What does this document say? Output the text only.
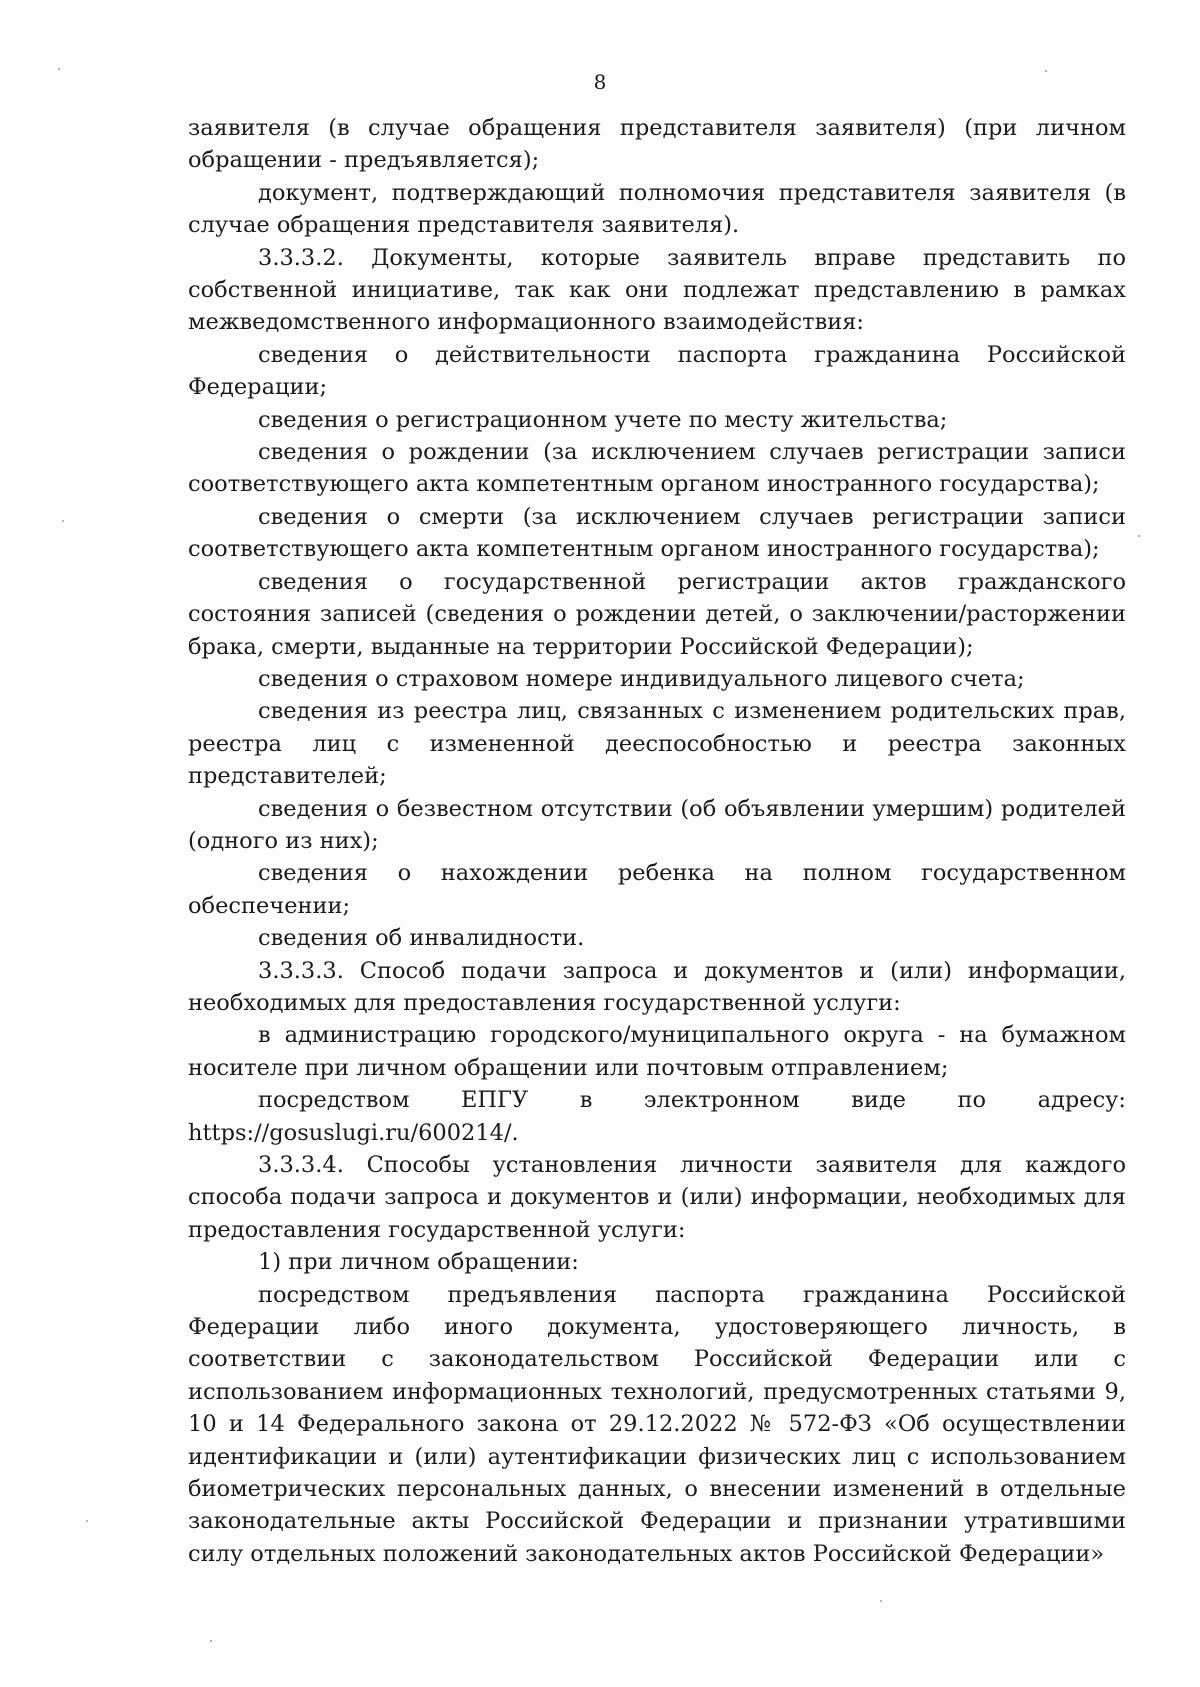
8

заявителя (в случае обращения представителя заявителя) (при личном обращении - предъявляется);

документ, подтверждающий полномочия представителя заявителя (в случае обращения представителя заявителя).

3.3.3.2. Документы, которые заявитель вправе представить по собственной инициативе, так как они подлежат представлению в рамках межведомственного информационного взаимодействия:

сведения о действительности паспорта гражданина Российской Федерации;

сведения о регистрационном учете по месту жительства;

сведения о рождении (за исключением случаев регистрации записи соответствующего акта компетентным органом иностранного государства);

сведения о смерти (за исключением случаев регистрации записи соответствующего акта компетентным органом иностранного государства);

сведения о государственной регистрации актов гражданского состояния записей (сведения о рождении детей, о заключении/расторжении брака, смерти, выданные на территории Российской Федерации);

сведения о страховом номере индивидуального лицевого счета;

сведения из реестра лиц, связанных с изменением родительских прав, реестра лиц с измененной дееспособностью и реестра законных представителей;

сведения о безвестном отсутствии (об объявлении умершим) родителей (одного из них);

сведения о нахождении ребенка на полном государственном обеспечении;

сведения об инвалидности.

3.3.3.3. Способ подачи запроса и документов и (или) информации, необходимых для предоставления государственной услуги:

в администрацию городского/муниципального округа - на бумажном носителе при личном обращении или почтовым отправлением;

посредством ЕПГУ в электронном виде по адресу: https://gosuslugi.ru/600214/.

3.3.3.4. Способы установления личности заявителя для каждого способа подачи запроса и документов и (или) информации, необходимых для предоставления государственной услуги:

1) при личном обращении:

посредством предъявления паспорта гражданина Российской Федерации либо иного документа, удостоверяющего личность, в соответствии с законодательством Российской Федерации или с использованием информационных технологий, предусмотренных статьями 9, 10 и 14 Федерального закона от 29.12.2022 № 572-ФЗ «Об осуществлении идентификации и (или) аутентификации физических лиц с использованием биометрических персональных данных, о внесении изменений в отдельные законодательные акты Российской Федерации и признании утратившими силу отдельных положений законодательных актов Российской Федерации»
